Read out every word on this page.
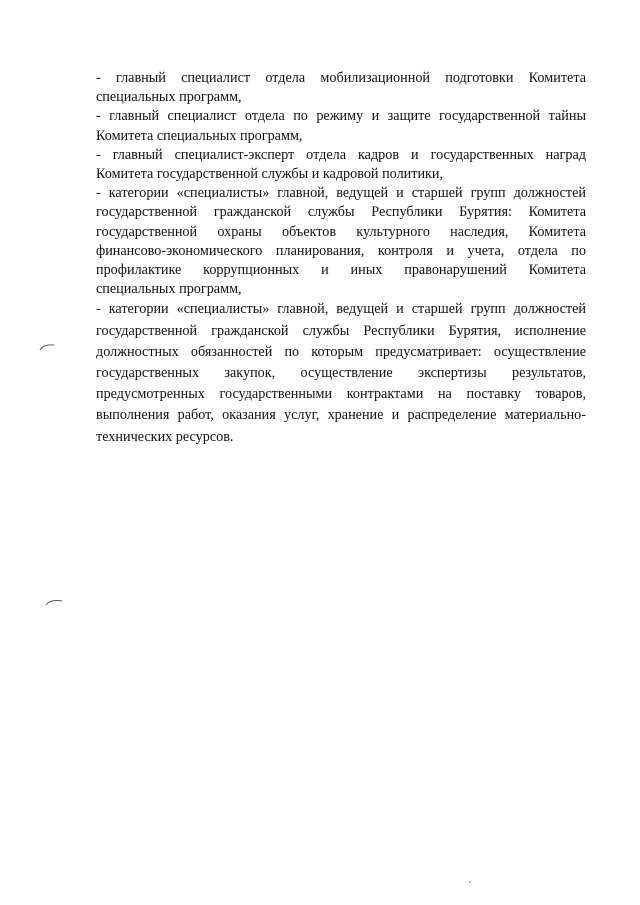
- главный специалист отдела мобилизационной подготовки Комитета
специальных программ,
- главный специалист отдела по режиму и защите государственной тайны
Комитета специальных программ,
- главный специалист-эксперт отдела кадров и государственных наград
Комитета государственной службы и кадровой политики,
- категории «специалисты» главной, ведущей и старшей групп должностей
государственной гражданской службы Республики Бурятия: Комитета
государственной охраны объектов культурного наследия, Комитета
финансово-экономического планирования, контроля и учета, отдела по
профилактике коррупционных и иных правонарушений Комитета
специальных программ,
- категории «специалисты» главной, ведущей и старшей групп должностей
государственной гражданской службы Республики Бурятия, исполнение
должностных обязанностей по которым предусматривает: осуществление
государственных закупок, осуществление экспертизы результатов,
предусмотренных государственными контрактами на поставку товаров,
выполнения работ, оказания услуг, хранение и распределение материально-
технических ресурсов.
